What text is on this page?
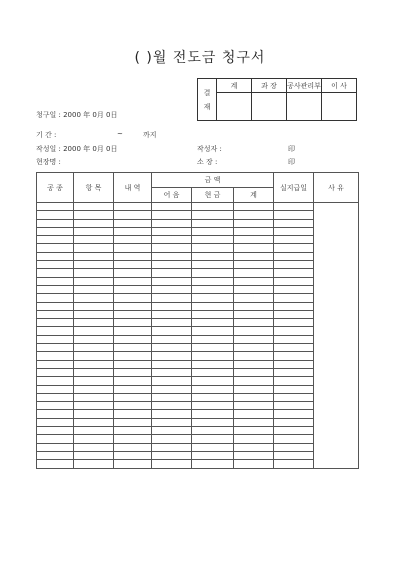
( )월 전도금 청구서
결
재	계	과 장	공사관리부	이 사

청구일 : 2000 年 0月 0日
기 간 :	~	까지
작성일 : 2000 年 0月 0日	작성자 :	印
현장명 :	소 장 :	印
공 종	항 목	내 역	금 액			실지급일	사 유
			어 음	현 금	계		
